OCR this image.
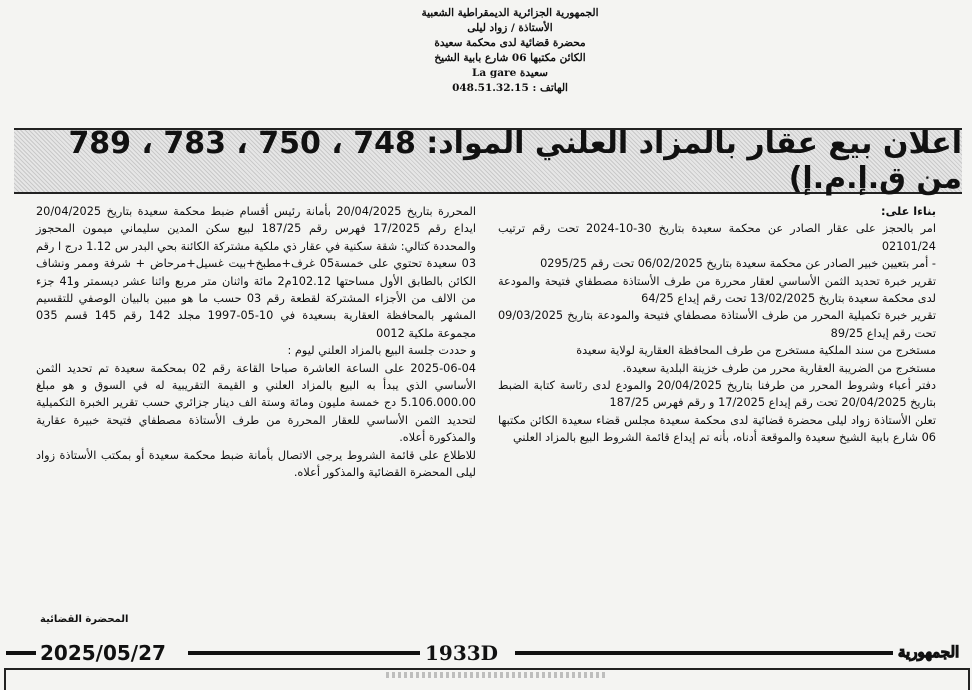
الجمهورية الجزائرية الديمقراطية الشعبية
الأستاذة / زواد ليلى
محضرة قضائية لدى محكمة سعيدة
الكائن مكتبها 06 شارع بابية الشيخ
سعيدة La gare
الهاتف : 048.51.32.15
اعلان بيع عقار بالمزاد العلني المواد: 748 ، 750 ، 783 ، 789 من ق.إ.م.إ)

بناءا على:

امر بالحجز على عقار الصادر عن محكمة سعيدة بتاريخ 30-10-2024 تحت رقم ترتيب 02101/24

- أمر بتعيين خبير الصادر عن محكمة سعيدة بتاريخ 06/02/2025 تحت رقم 0295/25

تقرير خبرة تحديد الثمن الأساسي لعقار محررة من طرف الأستاذة مصطفاي فتيحة والمودعة لدى محكمة سعيدة بتاريخ 13/02/2025 تحت رقم إيداع 64/25

تقرير خبرة تكميلية المحرر من طرف الأستاذة مصطفاي فتيحة والمودعة بتاريخ 09/03/2025 تحت رقم إيداع 89/25

مستخرج من سند الملكية مستخرج من طرف المحافظة العقارية لولاية سعيدة

مستخرج من الضريبة العقارية محرر من طرف خزينة البلدية سعيدة.

دفتر أعباء وشروط المحرر من طرفنا بتاريخ 20/04/2025 والمودع لدى رئاسة كتابة الضبط بتاريخ 20/04/2025 تحت رقم إيداع 17/2025 و رقم فهرس 187/25

تعلن الأستاذة زواد ليلى محضرة قضائية لدى محكمة سعيدة مجلس قضاء سعيدة الكائن مكتبها 06 شارع بابية الشيخ سعيدة والموقعة أدناه، بأنه تم إيداع قائمة الشروط البيع بالمزاد العلني

المحررة بتاريخ 20/04/2025 بأمانة رئيس أقسام ضبط محكمة سعيدة بتاريخ 20/04/2025 ايداع رقم 17/2025 فهرس رقم 187/25 لبيع سكن المدين سليماني ميمون المحجوز والمحددة كتالي: شقة سكنية في عقار ذي ملكية مشتركة الكائنة بحي البدر س 1.12 درج ا رقم 03 سعيدة تحتوي على خمسة05 غرف+مطبخ+بيت غسيل+مرحاض + شرفة وممر ونشاف الكائن بالطابق الأول مساحتها 102.12م2 مائة واثنان متر مربع واثنا عشر ديسمتر و41 جزء من الالف من الأجزاء المشتركة لقطعة رقم 03 حسب ما هو مبين بالبيان الوصفي للتقسيم المشهر بالمحافظة العقارية بسعيدة في 10-05-1997 مجلد 142 رقم 145 قسم 035 مجموعة ملكية 0012

و حددت جلسة البيع بالمزاد العلني ليوم :

2025-06-04 على الساعة العاشرة صباحا القاعة رقم 02 بمحكمة سعيدة تم تحديد الثمن الأساسي الذي يبدأ به البيع بالمزاد العلني و القيمة التقريبية له في السوق و هو مبلغ 5.106.000.00 دج خمسة مليون ومائة وستة الف دينار جزائري حسب تقرير الخبرة التكميلية لتحديد الثمن الأساسي للعقار المحررة من طرف الأستاذة مصطفاي فتيحة خبيرة عقارية والمذكورة أعلاه.

للاطلاع على قائمة الشروط يرجى الاتصال بأمانة ضبط محكمة سعيدة أو بمكتب الأستاذة زواد ليلى المحضرة القضائية والمذكور أعلاه.

المحضرة القضائية
2025/05/27	1933D	الجمهورية
